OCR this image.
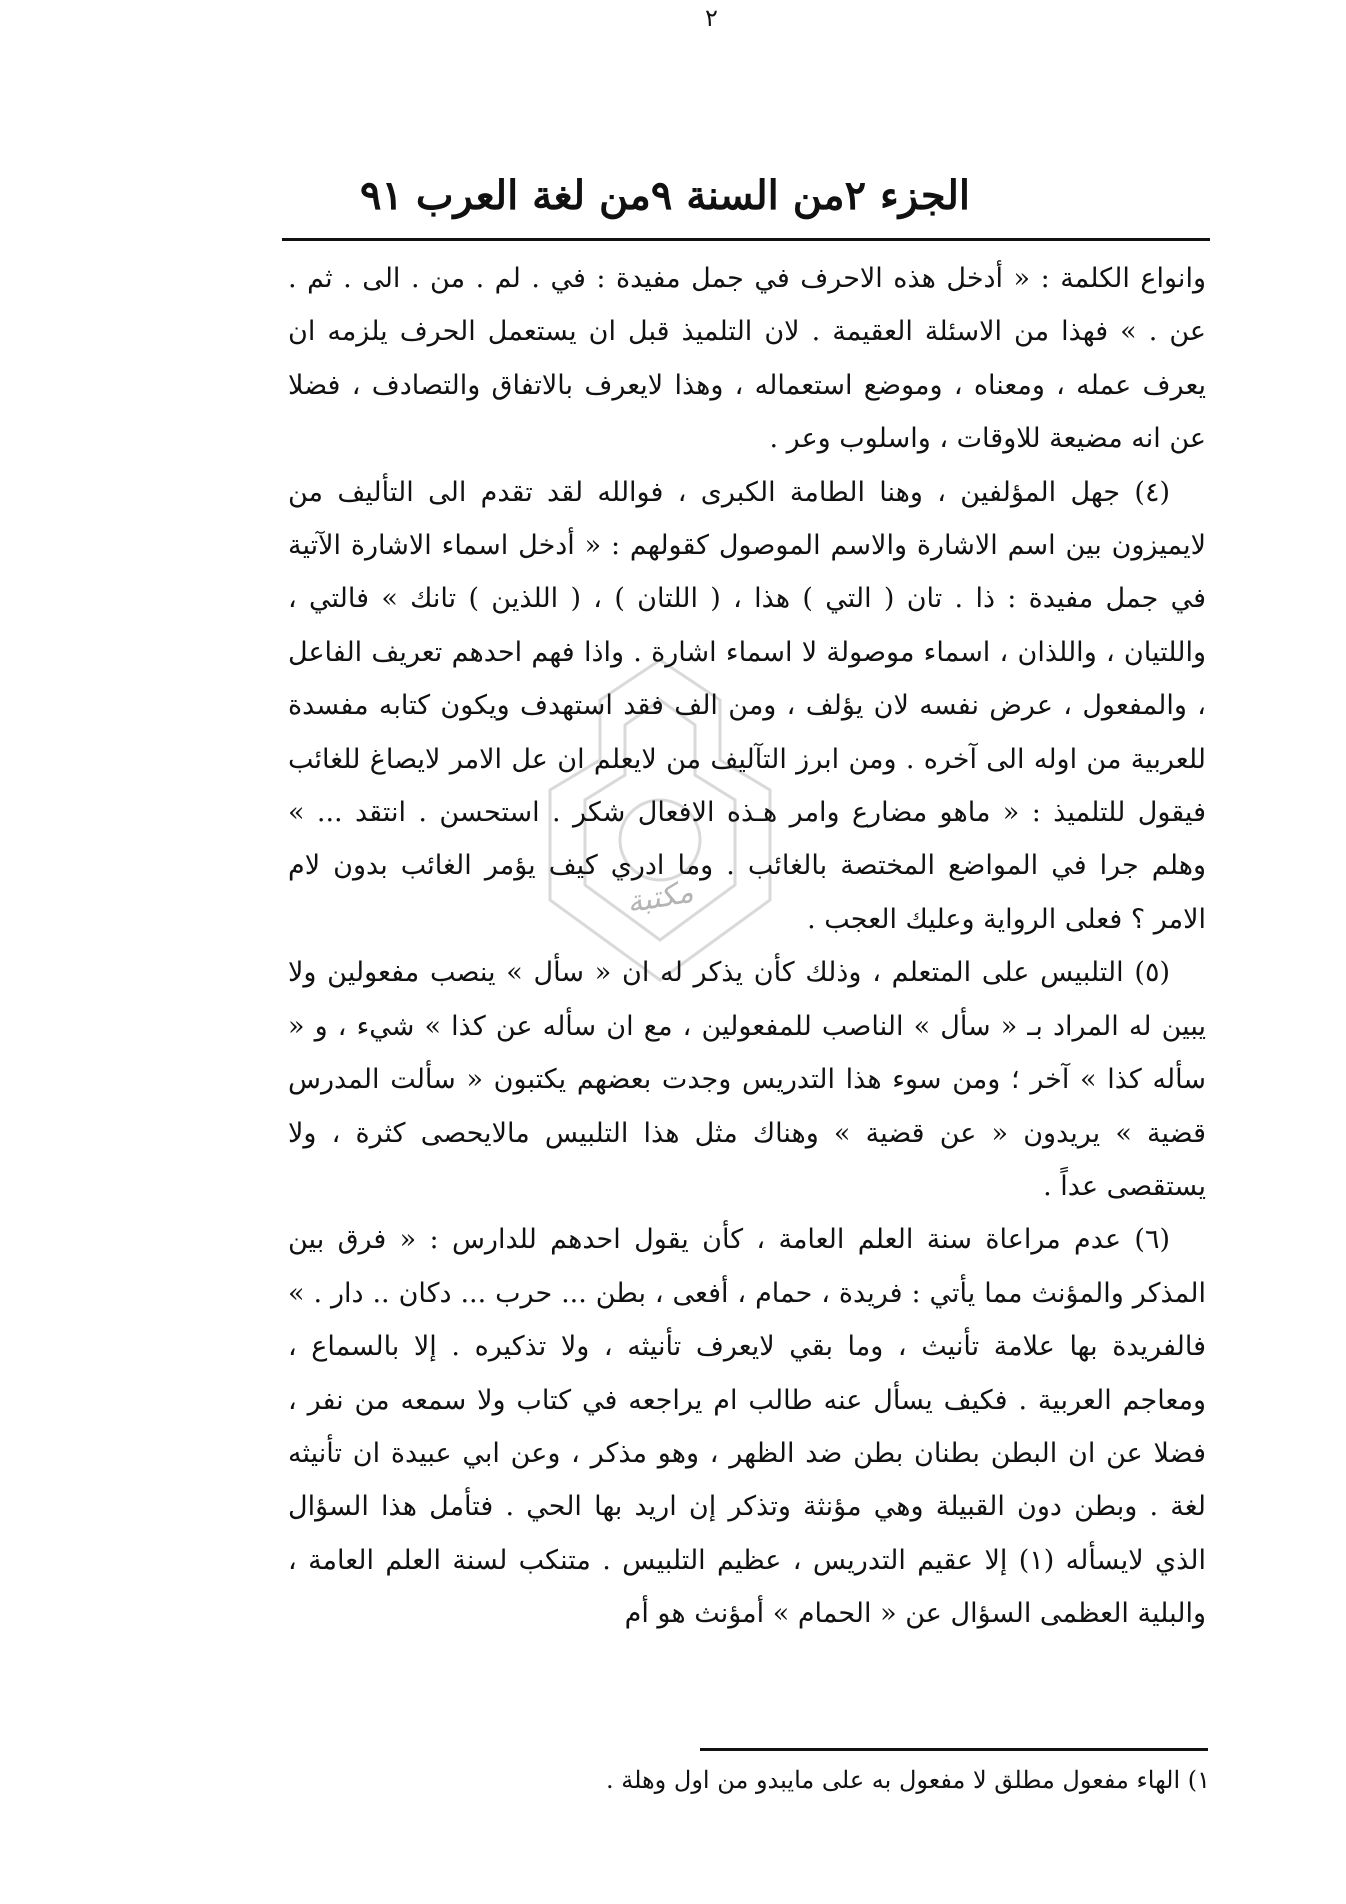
٢
الجزء ٢من السنة ٩من لغة العرب
٩١
مكتبة

وانواع الكلمة : « أدخل هذه الاحرف في جمل مفيدة : في . لم . من . الى . ثم . عن . » فهذا من الاسئلة العقيمة . لان التلميذ قبل ان يستعمل الحرف يلزمه ان يعرف عمله ، ومعناه ، وموضع استعماله ، وهذا لايعرف بالاتفاق والتصادف ، فضلا عن انه مضيعة للاوقات ، واسلوب وعر .

(٤) جهل المؤلفين ، وهنا الطامة الكبرى ، فوالله لقد تقدم الى التأليف من لايميزون بين اسم الاشارة والاسم الموصول كقولهم : « أدخل اسماء الاشارة الآتية في جمل مفيدة : ذا . تان ( التي ) هذا ، ( اللتان ) ، ( اللذين ) تانك » فالتي ، واللتيان ، واللذان ، اسماء موصولة لا اسماء اشارة . واذا فهم احدهم تعريف الفاعل ، والمفعول ، عرض نفسه لان يؤلف ، ومن الف فقد استهدف ويكون كتابه مفسدة للعربية من اوله الى آخره . ومن ابرز التآليف من لايعلم ان عل الامر لايصاغ للغائب فيقول للتلميذ : « ماهو مضارع وامر هـذه الافعال شكر . استحسن . انتقد ... » وهلم جرا في المواضع المختصة بالغائب . وما ادري كيف يؤمر الغائب بدون لام الامر ؟ فعلى الرواية وعليك العجب .

(٥) التلبيس على المتعلم ، وذلك كأن يذكر له ان « سأل » ينصب مفعولين ولا يبين له المراد بـ « سأل » الناصب للمفعولين ، مع ان سأله عن كذا » شيء ، و « سأله كذا » آخر ؛ ومن سوء هذا التدريس وجدت بعضهم يكتبون « سألت المدرس قضية » يريدون « عن قضية » وهناك مثل هذا التلبيس مالايحصى كثرة ، ولا يستقصى عداً .

(٦) عدم مراعاة سنة العلم العامة ، كأن يقول احدهم للدارس : « فرق بين المذكر والمؤنث مما يأتي : فريدة ، حمام ، أفعى ، بطن ... حرب ... دكان .. دار . » فالفريدة بها علامة تأنيث ، وما بقي لايعرف تأنيثه ، ولا تذكيره . إلا بالسماع ، ومعاجم العربية . فكيف يسأل عنه طالب ام يراجعه في كتاب ولا سمعه من نفر ، فضلا عن ان البطن بطنان بطن ضد الظهر ، وهو مذكر ، وعن ابي عبيدة ان تأنيثه لغة . وبطن دون القبيلة وهي مؤنثة وتذكر إن اريد بها الحي . فتأمل هذا السؤال الذي لايسأله (١) إلا عقيم التدريس ، عظيم التلبيس . متنكب لسنة العلم العامة ، والبلية العظمى السؤال عن « الحمام » أمؤنث هو أم

١) الهاء مفعول مطلق لا مفعول به على مايبدو من اول وهلة .
